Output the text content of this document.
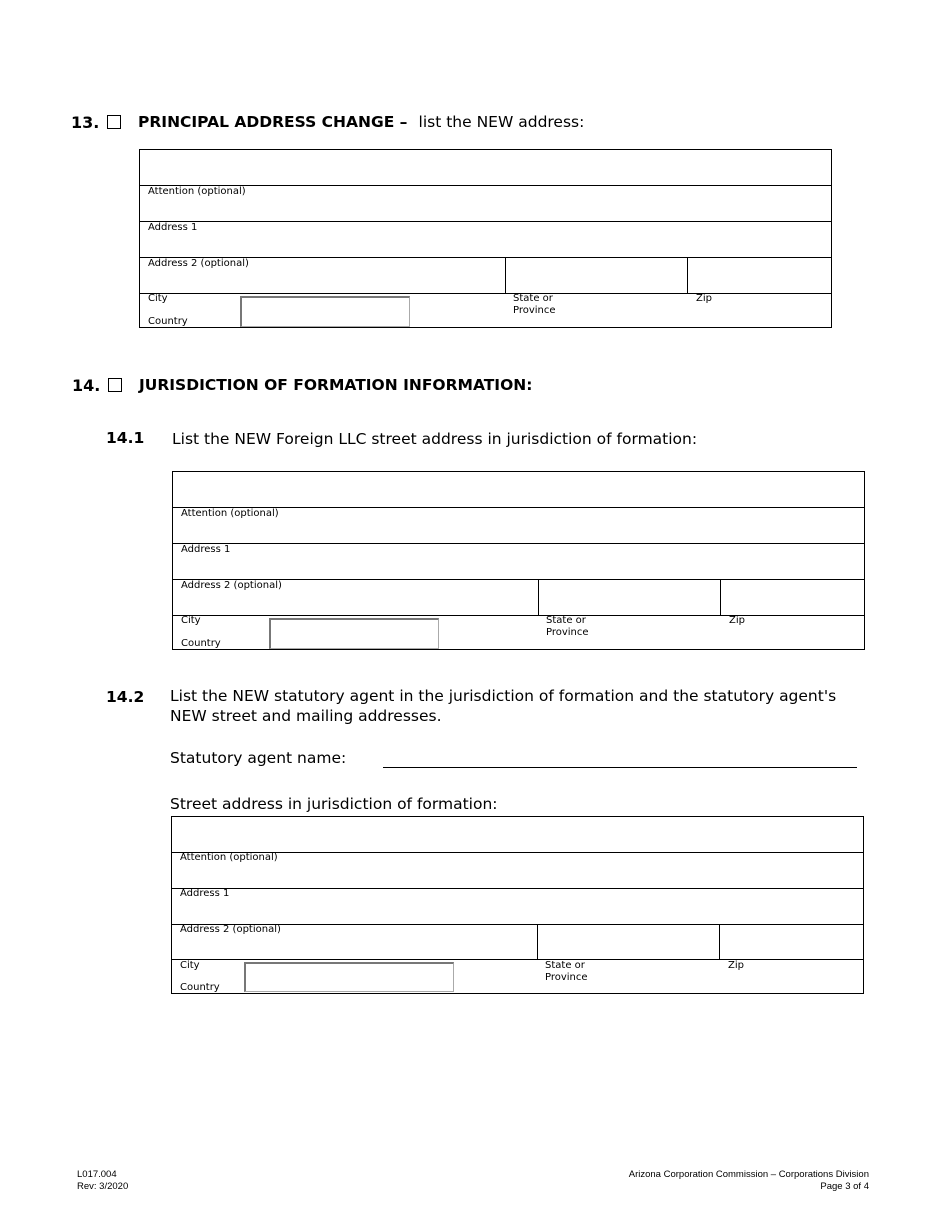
13. PRINCIPAL ADDRESS CHANGE – list the NEW address:
Attention (optional)
Address 1
Address 2 (optional)
City
Country
State or
Province
Zip
14. JURISDICTION OF FORMATION INFORMATION:
14.1 List the NEW Foreign LLC street address in jurisdiction of formation:
Attention (optional)
Address 1
Address 2 (optional)
City
Country
State or
Province
Zip
14.2 List the NEW statutory agent in the jurisdiction of formation and the statutory agent's
NEW street and mailing addresses.
Statutory agent name:
Street address in jurisdiction of formation:
Attention (optional)
Address 1
Address 2 (optional)
City
Country
State or
Province
Zip
L017.004
Rev: 3/2020
Arizona Corporation Commission – Corporations Division
Page 3 of 4
